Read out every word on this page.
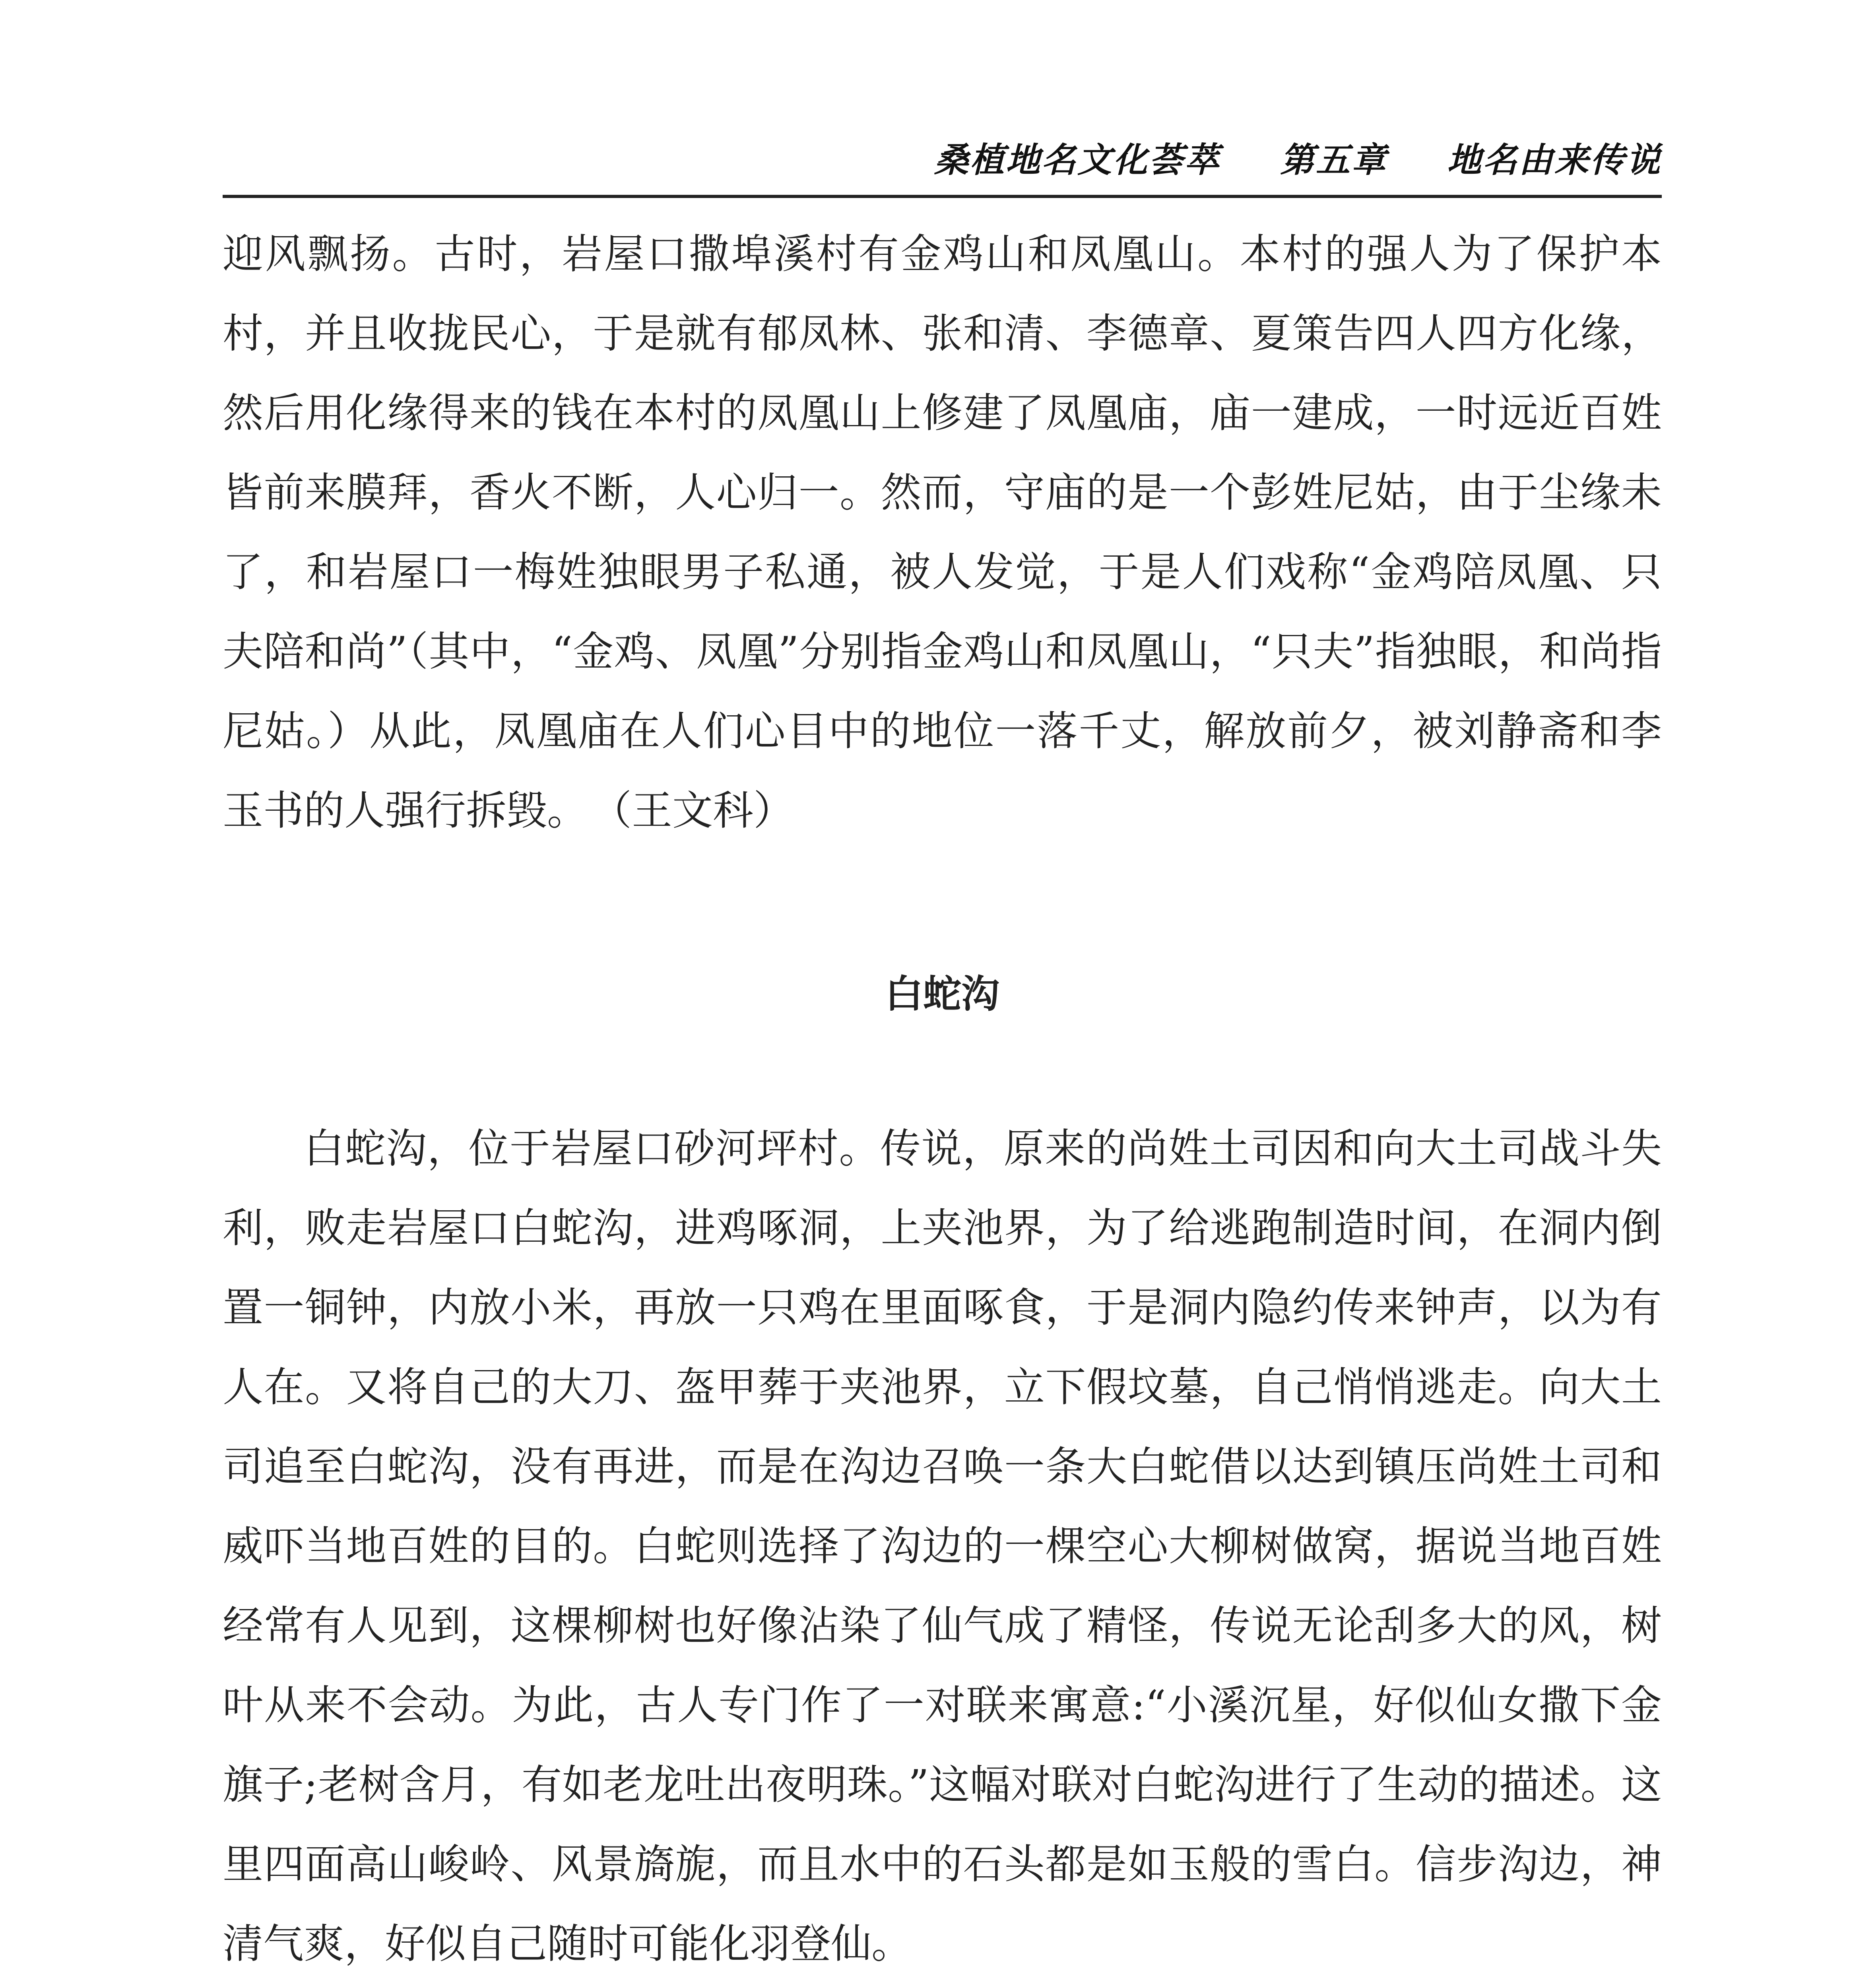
桑植地名文化荟萃 第五章 地名由来传说

迎风飘扬。古时，岩屋口撒埠溪村有金鸡山和凤凰山。本村的强人为了保护本村，并且收拢民心，于是就有郁凤林、张和清、李德章、夏策告四人四方化缘，然后用化缘得来的钱在本村的凤凰山上修建了凤凰庙，庙一建成，一时远近百姓皆前来膜拜，香火不断，人心归一。然而，守庙的是一个彭姓尼姑，由于尘缘未了，和岩屋口一梅姓独眼男子私通，被人发觉，于是人们戏称“金鸡陪凤凰、只夫陪和尚”（其中，“金鸡、凤凰”分别指金鸡山和凤凰山，“只夫”指独眼，和尚指尼姑。）从此，凤凰庙在人们心目中的地位一落千丈，解放前夕，被刘静斋和李玉书的人强行拆毁。 （王文科）

白蛇沟

白蛇沟，位于岩屋口砂河坪村。传说，原来的尚姓土司因和向大土司战斗失利，败走岩屋口白蛇沟，进鸡啄洞，上夹池界，为了给逃跑制造时间，在洞内倒置一铜钟，内放小米，再放一只鸡在里面啄食，于是洞内隐约传来钟声，以为有人在。又将自己的大刀、盔甲葬于夹池界，立下假坟墓，自己悄悄逃走。向大土司追至白蛇沟，没有再进，而是在沟边召唤一条大白蛇借以达到镇压尚姓土司和威吓当地百姓的目的。白蛇则选择了沟边的一棵空心大柳树做窝，据说当地百姓经常有人见到，这棵柳树也好像沾染了仙气成了精怪，传说无论刮多大的风，树叶从来不会动。为此，古人专门作了一对联来寓意:“小溪沉星，好似仙女撒下金旗子;老树含月，有如老龙吐出夜明珠。”这幅对联对白蛇沟进行了生动的描述。这里四面高山峻岭、风景旖旎，而且水中的石头都是如玉般的雪白。信步沟边，神清气爽，好似自己随时可能化羽登仙。
